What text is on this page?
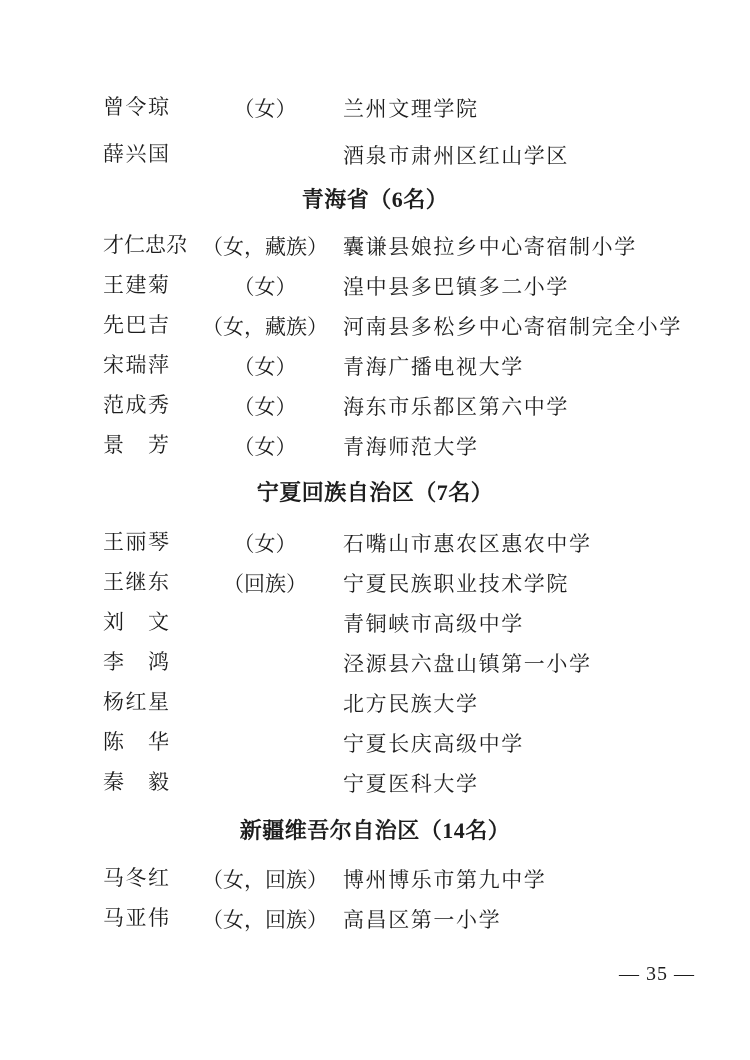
曾令琼	（女）	兰州文理学院
薛兴国	酒泉市肃州区红山学区
青海省（6名）
才仁忠尕 （女，藏族） 囊谦县娘拉乡中心寄宿制小学
王建菊	（女）	湟中县多巴镇多二小学
先巴吉 （女，藏族） 河南县多松乡中心寄宿制完全小学
宋瑞萍	（女）	青海广播电视大学
范成秀	（女）	海东市乐都区第六中学
景　芳	（女）	青海师范大学
宁夏回族自治区（7名）
王丽琴	（女）	石嘴山市惠农区惠农中学
王继东	（回族）	宁夏民族职业技术学院
刘　文	青铜峡市高级中学
李　鸿	泾源县六盘山镇第一小学
杨红星	北方民族大学
陈　华	宁夏长庆高级中学
秦　毅	宁夏医科大学
新疆维吾尔自治区（14名）
马冬红 （女，回族） 博州博乐市第九中学
马亚伟 （女，回族） 高昌区第一小学
— 35 —
